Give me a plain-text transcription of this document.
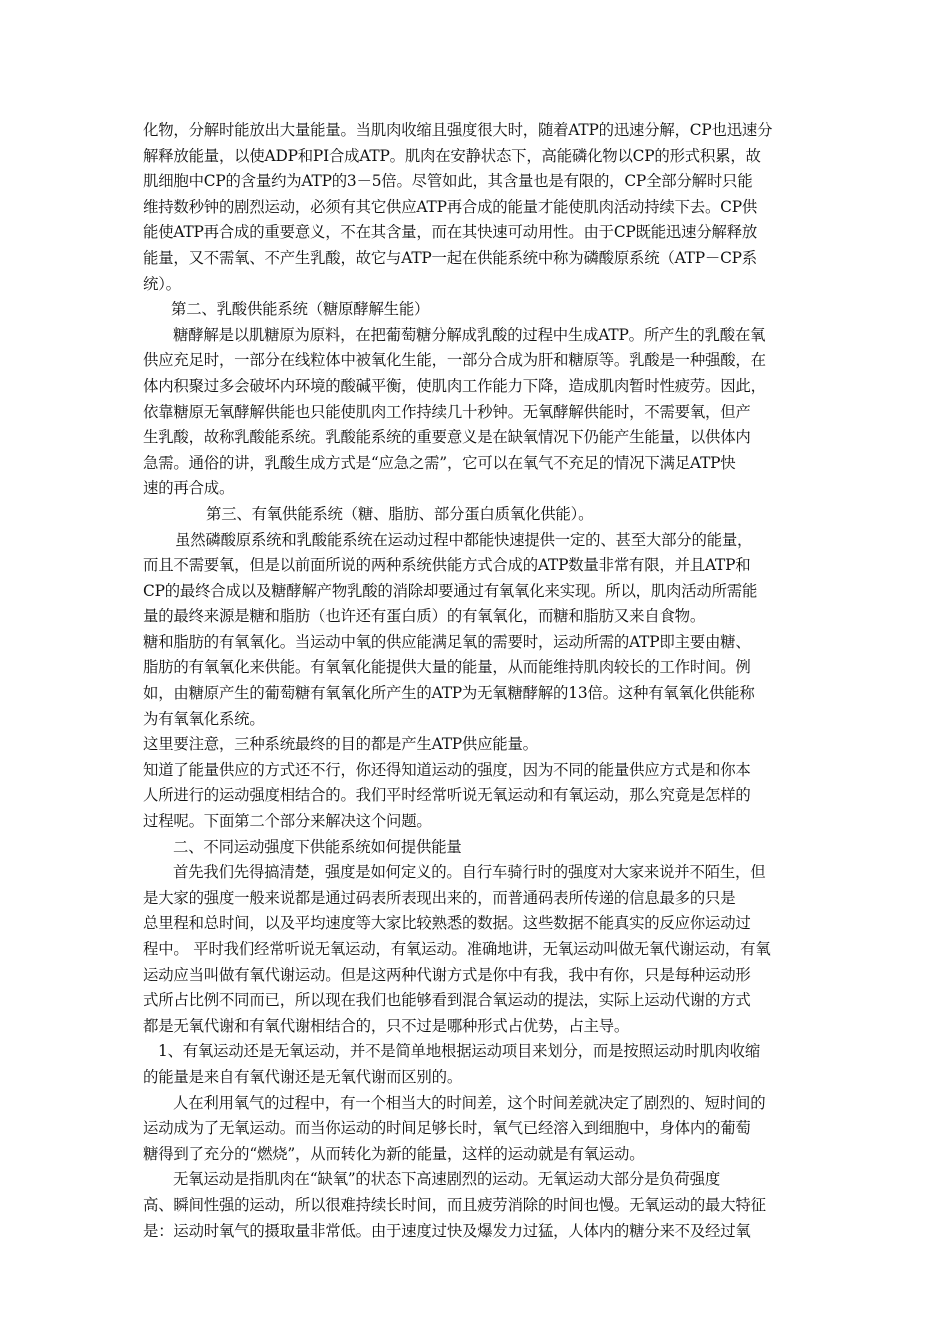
化物，分解时能放出大量能量。当肌肉收缩且强度很大时，随着ATP的迅速分解，CP也迅速分
解释放能量，以使ADP和PI合成ATP。肌肉在安静状态下，高能磷化物以CP的形式积累，故
肌细胞中CP的含量约为ATP的3－5倍。尽管如此，其含量也是有限的，CP全部分解时只能
维持数秒钟的剧烈运动，必须有其它供应ATP再合成的能量才能使肌肉活动持续下去。CP供
能使ATP再合成的重要意义，不在其含量，而在其快速可动用性。由于CP既能迅速分解释放
能量，又不需氧、不产生乳酸，故它与ATP一起在供能系统中称为磷酸原系统（ATP－CP系
统）。
第二、乳酸供能系统（糖原酵解生能）
糖酵解是以肌糖原为原料，在把葡萄糖分解成乳酸的过程中生成ATP。所产生的乳酸在氧
供应充足时，一部分在线粒体中被氧化生能，一部分合成为肝和糖原等。乳酸是一种强酸，在
体内积聚过多会破坏内环境的酸碱平衡，使肌肉工作能力下降，造成肌肉暂时性疲劳。因此，
依靠糖原无氧酵解供能也只能使肌肉工作持续几十秒钟。无氧酵解供能时，不需要氧，但产
生乳酸，故称乳酸能系统。乳酸能系统的重要意义是在缺氧情况下仍能产生能量，以供体内
急需。通俗的讲，乳酸生成方式是“应急之需”，它可以在氧气不充足的情况下满足ATP快
速的再合成。
第三、有氧供能系统（糖、脂肪、部分蛋白质氧化供能）。
虽然磷酸原系统和乳酸能系统在运动过程中都能快速提供一定的、甚至大部分的能量，
而且不需要氧，但是以前面所说的两种系统供能方式合成的ATP数量非常有限，并且ATP和
CP的最终合成以及糖酵解产物乳酸的消除却要通过有氧氧化来实现。所以，肌肉活动所需能
量的最终来源是糖和脂肪（也许还有蛋白质）的有氧氧化，而糖和脂肪又来自食物。
糖和脂肪的有氧氧化。当运动中氧的供应能满足氧的需要时，运动所需的ATP即主要由糖、
脂肪的有氧氧化来供能。有氧氧化能提供大量的能量，从而能维持肌肉较长的工作时间。例
如，由糖原产生的葡萄糖有氧氧化所产生的ATP为无氧糖酵解的13倍。这种有氧氧化供能称
为有氧氧化系统。
这里要注意，三种系统最终的目的都是产生ATP供应能量。
知道了能量供应的方式还不行，你还得知道运动的强度，因为不同的能量供应方式是和你本
人所进行的运动强度相结合的。我们平时经常听说无氧运动和有氧运动，那么究竟是怎样的
过程呢。下面第二个部分来解决这个问题。
二、不同运动强度下供能系统如何提供能量
首先我们先得搞清楚，强度是如何定义的。自行车骑行时的强度对大家来说并不陌生，但
是大家的强度一般来说都是通过码表所表现出来的，而普通码表所传递的信息最多的只是
总里程和总时间，以及平均速度等大家比较熟悉的数据。这些数据不能真实的反应你运动过
程中。 平时我们经常听说无氧运动，有氧运动。准确地讲，无氧运动叫做无氧代谢运动，有氧
运动应当叫做有氧代谢运动。但是这两种代谢方式是你中有我，我中有你，只是每种运动形
式所占比例不同而已，所以现在我们也能够看到混合氧运动的提法，实际上运动代谢的方式
都是无氧代谢和有氧代谢相结合的，只不过是哪种形式占优势，占主导。
1、有氧运动还是无氧运动，并不是简单地根据运动项目来划分，而是按照运动时肌肉收缩
的能量是来自有氧代谢还是无氧代谢而区别的。
人在利用氧气的过程中，有一个相当大的时间差，这个时间差就决定了剧烈的、短时间的
运动成为了无氧运动。而当你运动的时间足够长时，氧气已经溶入到细胞中，身体内的葡萄
糖得到了充分的“燃烧”，从而转化为新的能量，这样的运动就是有氧运动。
无氧运动是指肌肉在“缺氧”的状态下高速剧烈的运动。无氧运动大部分是负荷强度
高、瞬间性强的运动，所以很难持续长时间，而且疲劳消除的时间也慢。无氧运动的最大特征
是：运动时氧气的摄取量非常低。由于速度过快及爆发力过猛，人体内的糖分来不及经过氧
